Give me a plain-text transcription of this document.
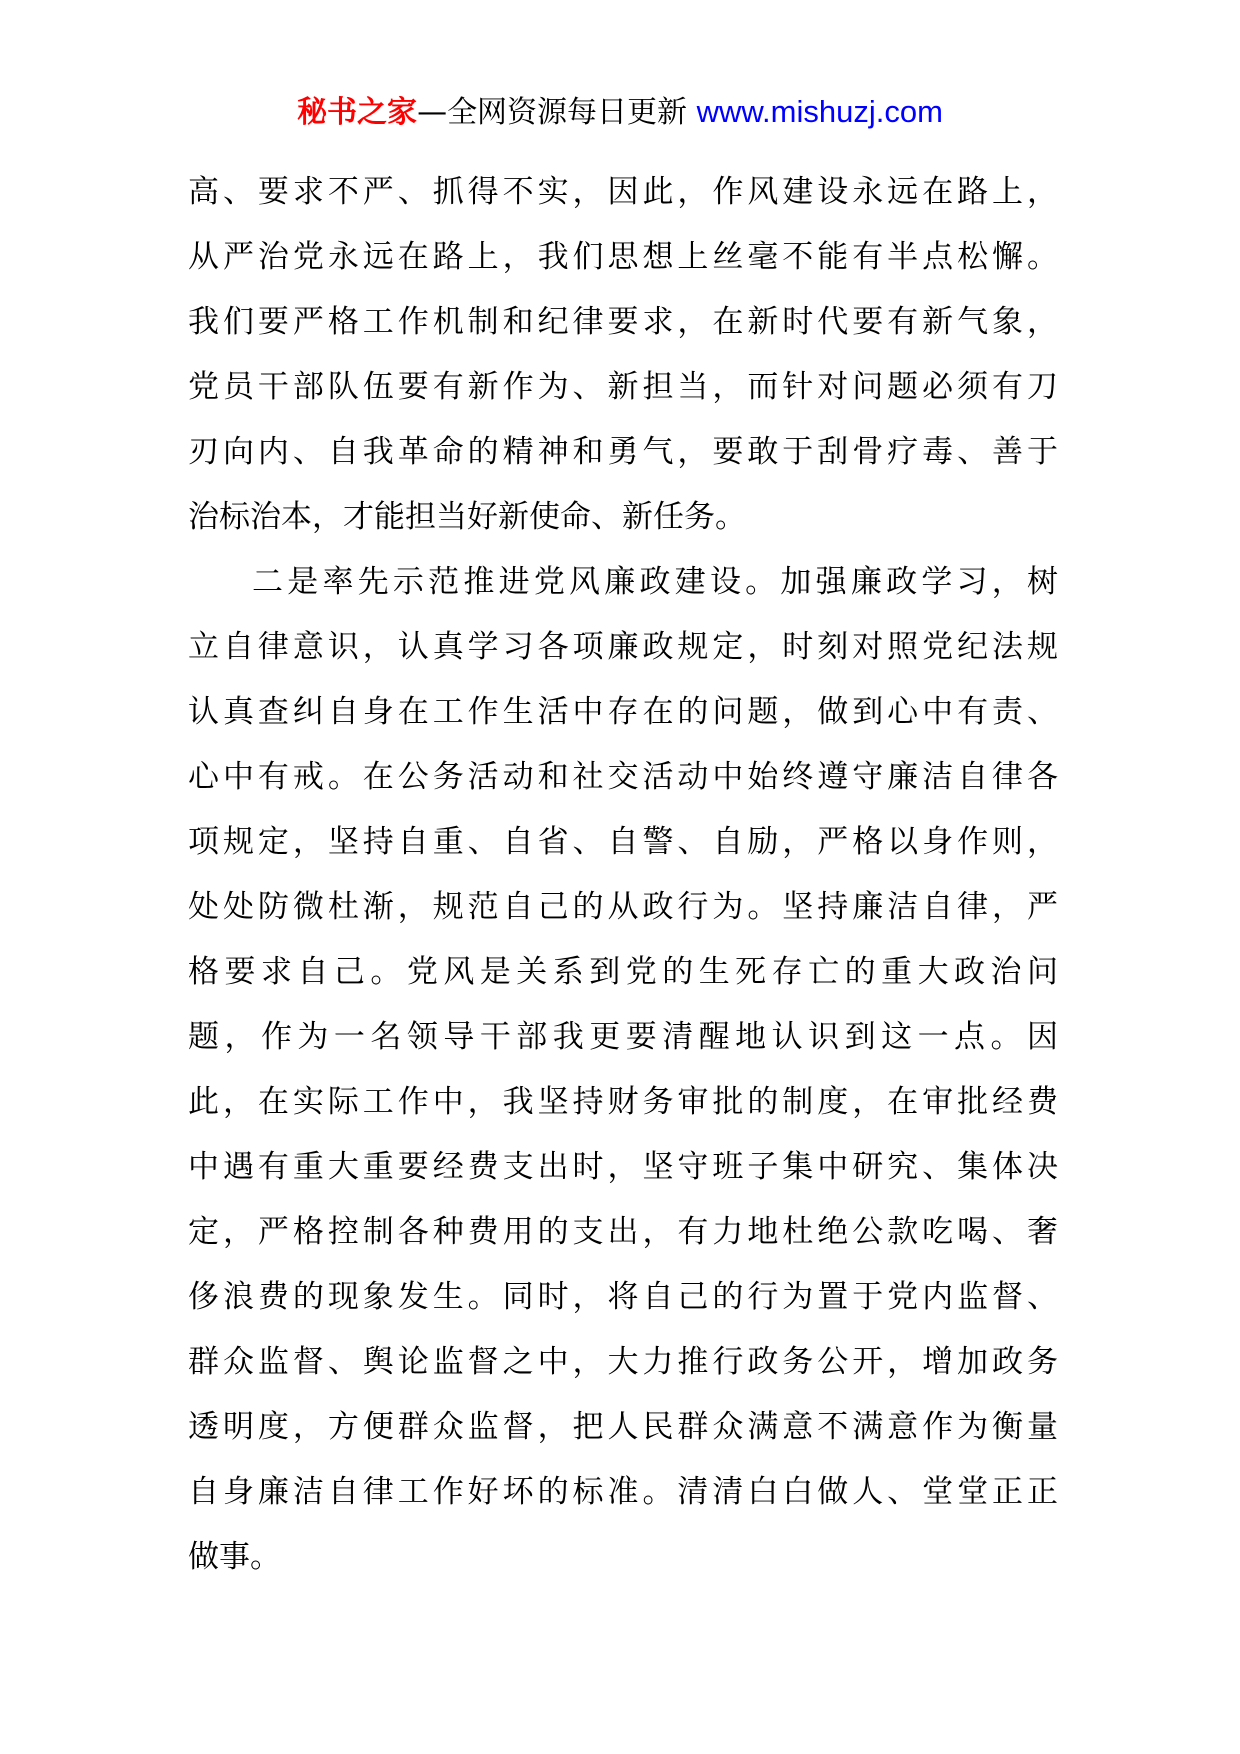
秘书之家—全网资源每日更新 www.mishuzj.com
高、要求不严、抓得不实，因此，作风建设永远在路上，
从严治党永远在路上，我们思想上丝毫不能有半点松懈。
我们要严格工作机制和纪律要求，在新时代要有新气象，
党员干部队伍要有新作为、新担当，而针对问题必须有刀
刃向内、自我革命的精神和勇气，要敢于刮骨疗毒、善于
治标治本，才能担当好新使命、新任务。
二是率先示范推进党风廉政建设。加强廉政学习，树
立自律意识，认真学习各项廉政规定，时刻对照党纪法规
认真查纠自身在工作生活中存在的问题，做到心中有责、
心中有戒。在公务活动和社交活动中始终遵守廉洁自律各
项规定，坚持自重、自省、自警、自励，严格以身作则，
处处防微杜渐，规范自己的从政行为。坚持廉洁自律，严
格要求自己。党风是关系到党的生死存亡的重大政治问
题，作为一名领导干部我更要清醒地认识到这一点。因
此，在实际工作中，我坚持财务审批的制度，在审批经费
中遇有重大重要经费支出时，坚守班子集中研究、集体决
定，严格控制各种费用的支出，有力地杜绝公款吃喝、奢
侈浪费的现象发生。同时，将自己的行为置于党内监督、
群众监督、舆论监督之中，大力推行政务公开，增加政务
透明度，方便群众监督，把人民群众满意不满意作为衡量
自身廉洁自律工作好坏的标准。清清白白做人、堂堂正正
做事。
